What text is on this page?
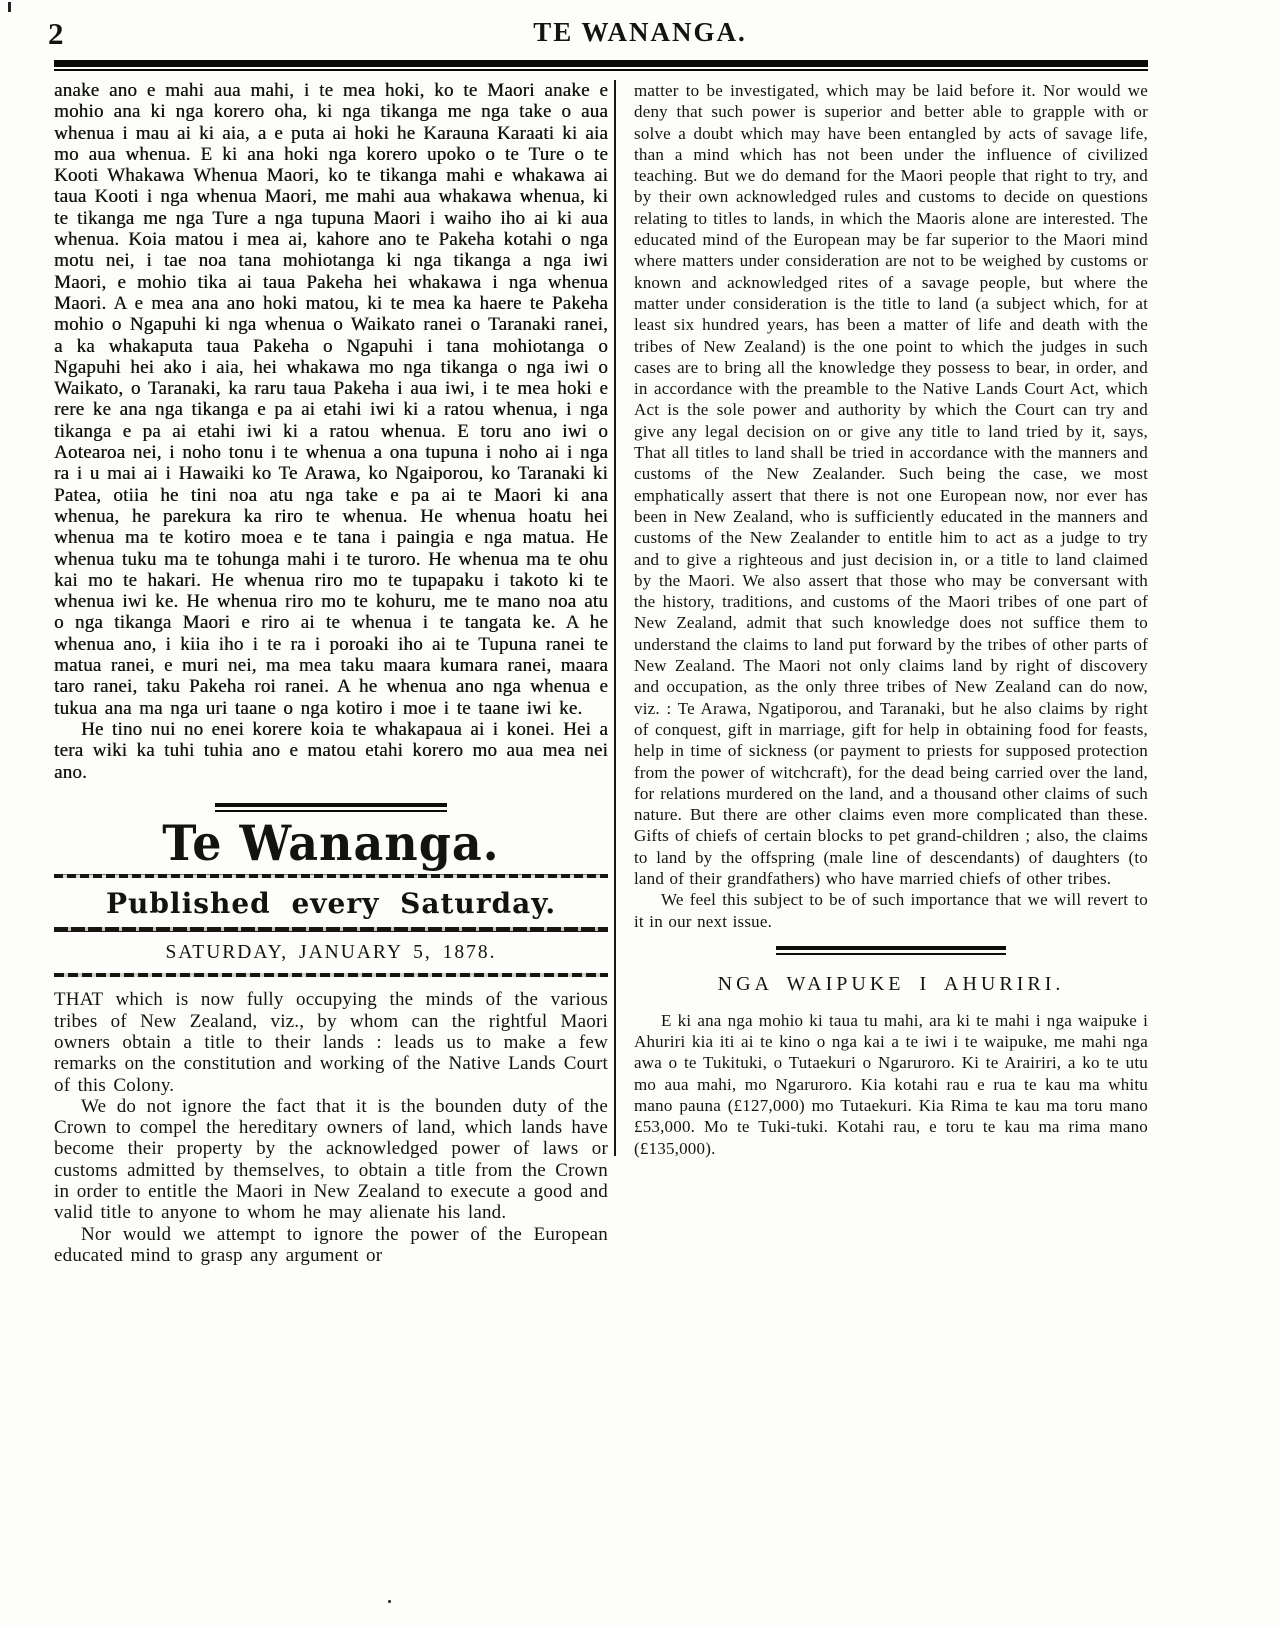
2	TE WANANGA.

anake ano e mahi aua mahi, i te mea hoki, ko te Maori anake e mohio ana ki nga korero oha, ki nga tikanga me nga take o aua whenua i mau ai ki aia, a e puta ai hoki he Karauna Karaati ki aia mo aua whenua. E ki ana hoki nga korero upoko o te Ture o te Kooti Whakawa Whenua Maori, ko te tikanga mahi e whakawa ai taua Kooti i nga whenua Maori, me mahi aua whakawa whenua, ki te tikanga me nga Ture a nga tupuna Maori i waiho iho ai ki aua whenua. Koia matou i mea ai, kahore ano te Pakeha kotahi o nga motu nei, i tae noa tana mohiotanga ki nga tikanga a nga iwi Maori, e mohio tika ai taua Pakeha hei whakawa i nga whenua Maori. A e mea ana ano hoki matou, ki te mea ka haere te Pakeha mohio o Ngapuhi ki nga whenua o Waikato ranei o Taranaki ranei, a ka whakaputa taua Pakeha o Ngapuhi i tana mohiotanga o Ngapuhi hei ako i aia, hei whakawa mo nga tikanga o nga iwi o Waikato, o Taranaki, ka raru taua Pakeha i aua iwi, i te mea hoki e rere ke ana nga tikanga e pa ai etahi iwi ki a ratou whenua, i nga tikanga e pa ai etahi iwi ki a ratou whenua. E toru ano iwi o Aotearoa nei, i noho tonu i te whenua a ona tupuna i noho ai i nga ra i u mai ai i Hawaiki ko Te Arawa, ko Ngaiporou, ko Taranaki ki Patea, otiia he tini noa atu nga take e pa ai te Maori ki ana whenua, he parekura ka riro te whenua. He whenua hoatu hei whenua ma te kotiro moea e te tana i paingia e nga matua. He whenua tuku ma te tohunga mahi i te turoro. He whenua ma te ohu kai mo te hakari. He whenua riro mo te tupapaku i takoto ki te whenua iwi ke. He whenua riro mo te kohuru, me te mano noa atu o nga tikanga Maori e riro ai te whenua i te tangata ke. A he whenua ano, i kiia iho i te ra i poroaki iho ai te Tupuna ranei te matua ranei, e muri nei, ma mea taku maara kumara ranei, maara taro ranei, taku Pakeha roi ranei. A he whenua ano nga whenua e tukua ana ma nga uri taane o nga kotiro i moe i te taane iwi ke.

He tino nui no enei korere koia te whakapaua ai i konei. Hei a tera wiki ka tuhi tuhia ano e matou etahi korero mo aua mea nei ano.

Te Wananga.
Published every Saturday.
SATURDAY, JANUARY 5, 1878.

THAT which is now fully occupying the minds of the various tribes of New Zealand, viz., by whom can the rightful Maori owners obtain a title to their lands : leads us to make a few remarks on the constitution and working of the Native Lands Court of this Colony.

We do not ignore the fact that it is the bounden duty of the Crown to compel the hereditary owners of land, which lands have become their property by the acknowledged power of laws or customs admitted by themselves, to obtain a title from the Crown in order to entitle the Maori in New Zealand to execute a good and valid title to anyone to whom he may alienate his land.

Nor would we attempt to ignore the power of the European educated mind to grasp any argument or

matter to be investigated, which may be laid before it. Nor would we deny that such power is superior and better able to grapple with or solve a doubt which may have been entangled by acts of savage life, than a mind which has not been under the influence of civilized teaching. But we do demand for the Maori people that right to try, and by their own acknowledged rules and customs to decide on questions relating to titles to lands, in which the Maoris alone are interested. The educated mind of the European may be far superior to the Maori mind where matters under consideration are not to be weighed by customs or known and acknowledged rites of a savage people, but where the matter under consideration is the title to land (a subject which, for at least six hundred years, has been a matter of life and death with the tribes of New Zealand) is the one point to which the judges in such cases are to bring all the knowledge they possess to bear, in order, and in accordance with the preamble to the Native Lands Court Act, which Act is the sole power and authority by which the Court can try and give any legal decision on or give any title to land tried by it, says, That all titles to land shall be tried in accordance with the manners and customs of the New Zealander. Such being the case, we most emphatically assert that there is not one European now, nor ever has been in New Zealand, who is sufficiently educated in the manners and customs of the New Zealander to entitle him to act as a judge to try and to give a righteous and just decision in, or a title to land claimed by the Maori. We also assert that those who may be conversant with the history, traditions, and customs of the Maori tribes of one part of New Zealand, admit that such knowledge does not suffice them to understand the claims to land put forward by the tribes of other parts of New Zealand. The Maori not only claims land by right of discovery and occupation, as the only three tribes of New Zealand can do now, viz. : Te Arawa, Ngatiporou, and Taranaki, but he also claims by right of conquest, gift in marriage, gift for help in obtaining food for feasts, help in time of sickness (or payment to priests for supposed protection from the power of witchcraft), for the dead being carried over the land, for relations murdered on the land, and a thousand other claims of such nature. But there are other claims even more complicated than these. Gifts of chiefs of certain blocks to pet grand-children ; also, the claims to land by the offspring (male line of descendants) of daughters (to land of their grandfathers) who have married chiefs of other tribes.

We feel this subject to be of such importance that we will revert to it in our next issue.

NGA WAIPUKE I AHURIRI.

E ki ana nga mohio ki taua tu mahi, ara ki te mahi i nga waipuke i Ahuriri kia iti ai te kino o nga kai a te iwi i te waipuke, me mahi nga awa o te Tukituki, o Tutaekuri o Ngaruroro. Ki te Arairiri, a ko te utu mo aua mahi, mo Ngaruroro. Kia kotahi rau e rua te kau ma whitu mano pauna (£127,000) mo Tutaekuri. Kia Rima te kau ma toru mano £53,000. Mo te Tuki-tuki. Kotahi rau, e toru te kau ma rima mano (£135,000).
